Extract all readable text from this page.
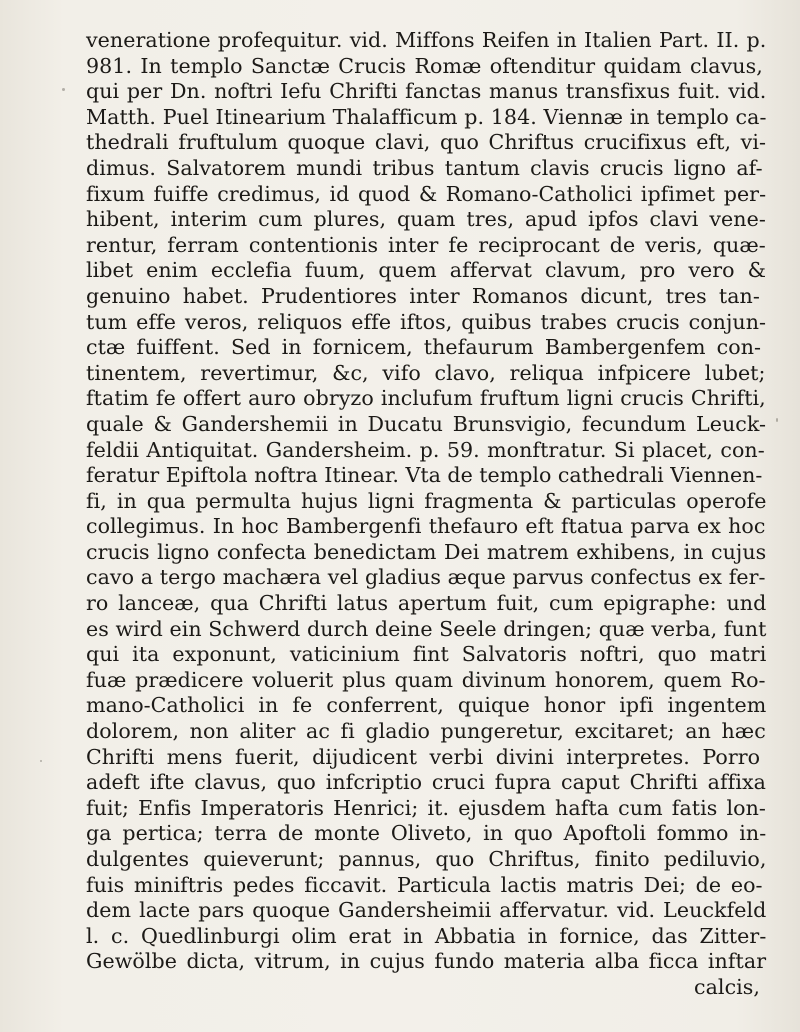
veneratione profequitur. vid. Miffons Reifen in Italien Part. II. p.
981. In templo Sanctæ Crucis Romæ oftenditur quidam clavus,
qui per Dn. noftri Iefu Chrifti fanctas manus transfixus fuit. vid.
Matth. Puel Itinearium Thalafficum p. 184. Viennæ in templo ca-
thedrali fruftulum quoque clavi, quo Chriftus crucifixus eft, vi-
dimus. Salvatorem mundi tribus tantum clavis crucis ligno af-
fixum fuiffe credimus, id quod & Romano-Catholici ipfimet per-
hibent, interim cum plures, quam tres, apud ipfos clavi vene-
rentur, ferram contentionis inter fe reciprocant de veris, quæ-
libet enim ecclefia fuum, quem affervat clavum, pro vero &
genuino habet. Prudentiores inter Romanos dicunt, tres tan-
tum effe veros, reliquos effe iftos, quibus trabes crucis conjun-
ctæ fuiffent. Sed in fornicem, thefaurum Bambergenfem con-
tinentem, revertimur, &c, vifo clavo, reliqua infpicere lubet;
ftatim fe offert auro obryzo inclufum fruftum ligni crucis Chrifti,
quale & Gandershemii in Ducatu Brunsvigio, fecundum Leuck-
feldii Antiquitat. Gandersheim. p. 59. monftratur. Si placet, con-
feratur Epiftola noftra Itinear. Vta de templo cathedrali Viennen-
fi, in qua permulta hujus ligni fragmenta & particulas operofe
collegimus. In hoc Bambergenfi thefauro eft ftatua parva ex hoc
crucis ligno confecta benedictam Dei matrem exhibens, in cujus
cavo a tergo machæra vel gladius æque parvus confectus ex fer-
ro lanceæ, qua Chrifti latus apertum fuit, cum epigraphe: und
es wird ein Schwerd durch deine Seele dringen; quæ verba, funt
qui ita exponunt, vaticinium fint Salvatoris noftri, quo matri
fuæ prædicere voluerit plus quam divinum honorem, quem Ro-
mano-Catholici in fe conferrent, quique honor ipfi ingentem
dolorem, non aliter ac fi gladio pungeretur, excitaret; an hæc
Chrifti mens fuerit, dijudicent verbi divini interpretes. Porro
adeft ifte clavus, quo infcriptio cruci fupra caput Chrifti affixa
fuit; Enfis Imperatoris Henrici; it. ejusdem hafta cum fatis lon-
ga pertica; terra de monte Oliveto, in quo Apoftoli fommo in-
dulgentes quieverunt; pannus, quo Chriftus, finito pediluvio,
fuis miniftris pedes ficcavit. Particula lactis matris Dei; de eo-
dem lacte pars quoque Gandersheimii affervatur. vid. Leuckfeld
l. c. Quedlinburgi olim erat in Abbatia in fornice, das Zitter-
Gewölbe dicta, vitrum, in cujus fundo materia alba ficca inftar
calcis,
